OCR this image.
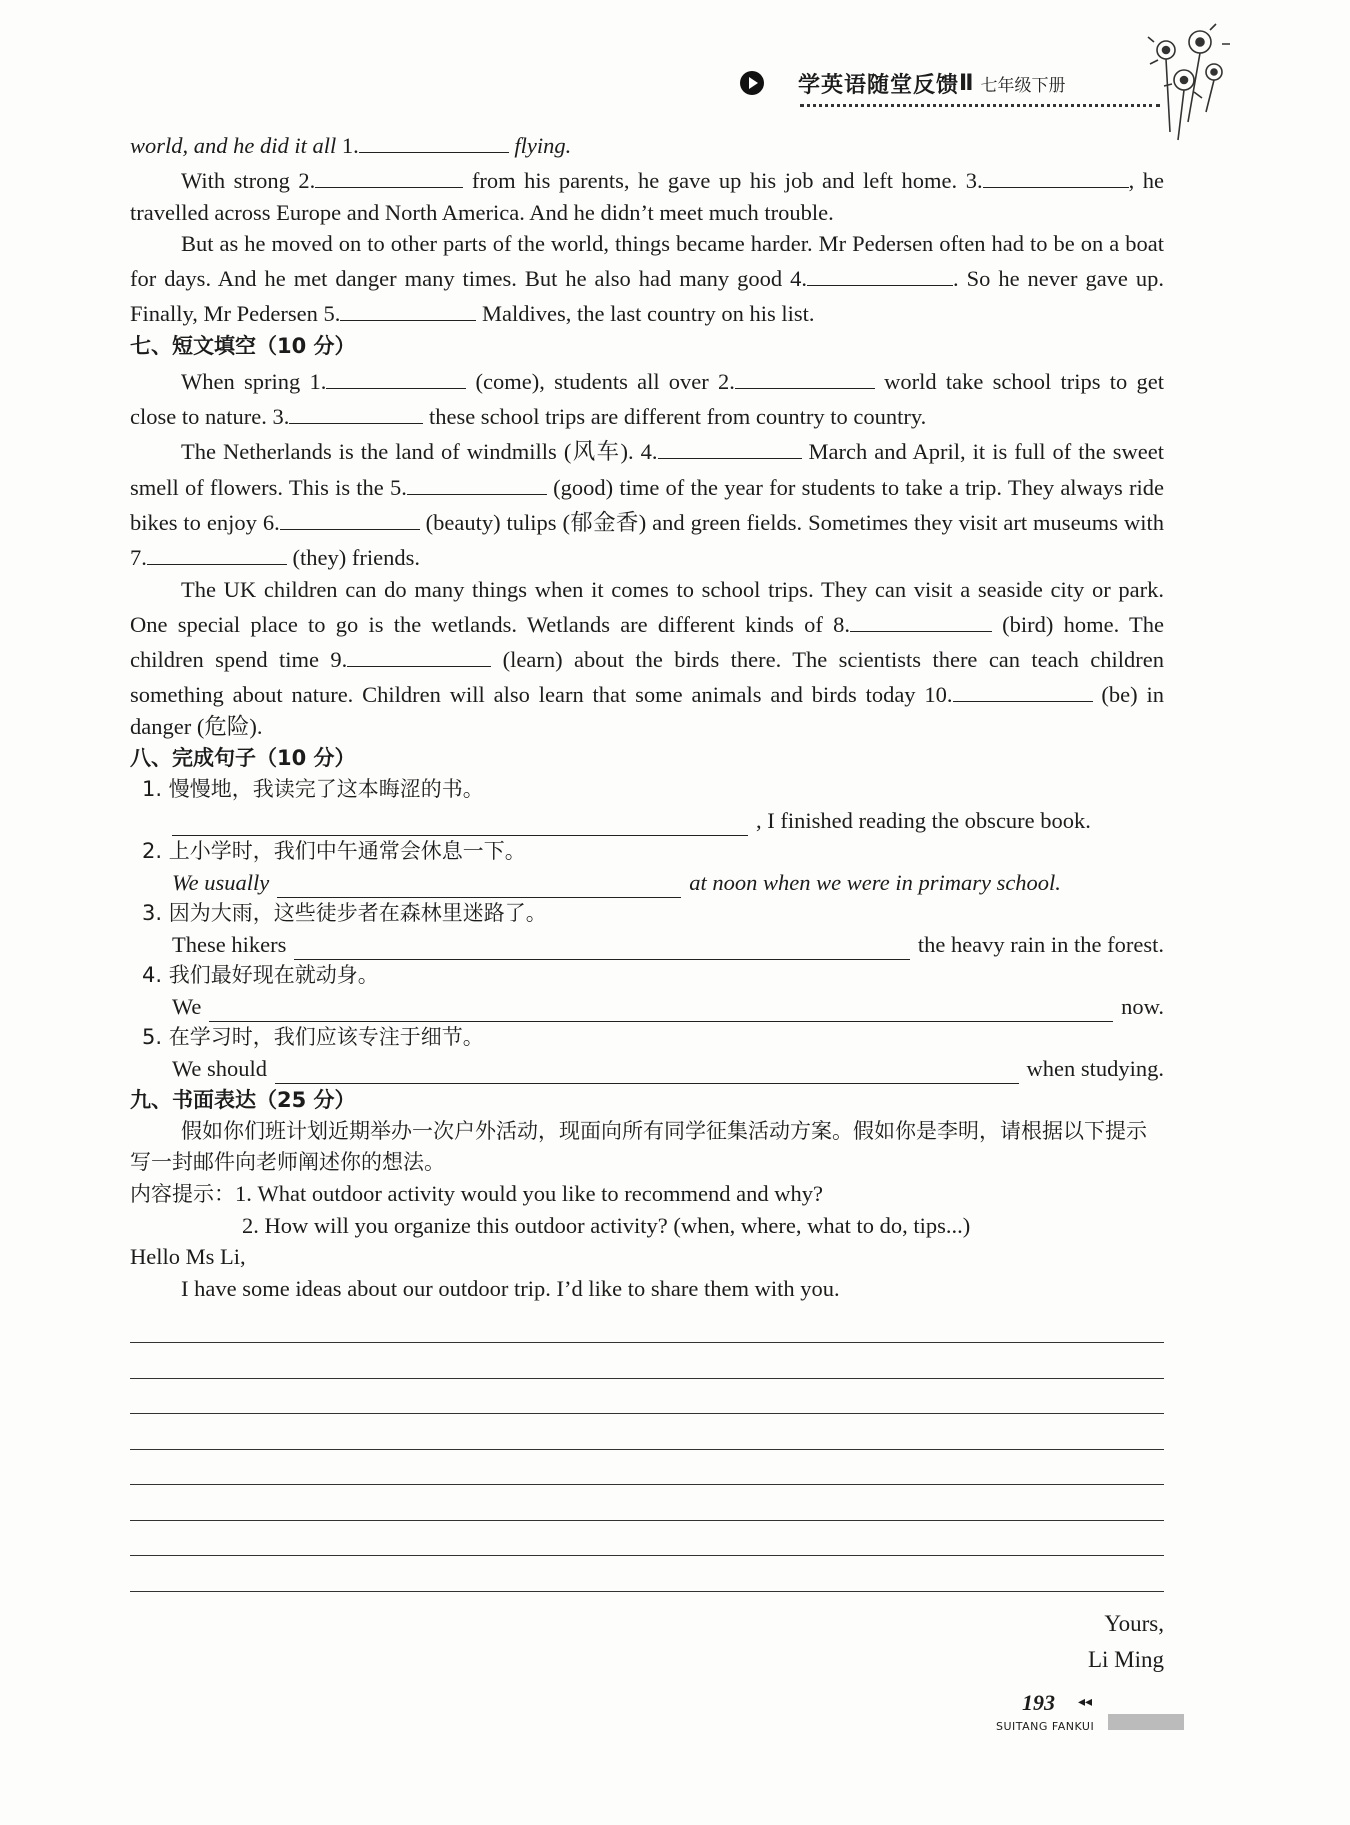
学英语随堂反馈 Ⅱ 七年级下册
world, and he did it all 1.	flying.
With strong 2.	from his parents, he gave up his job and left home. 3.	, he travelled across Europe and North America. And he didn’t meet much trouble.
But as he moved on to other parts of the world, things became harder. Mr Pedersen often had to be on a boat for days. And he met danger many times. But he also had many good 4.	. So he never gave up. Finally, Mr Pedersen 5.	Maldives, the last country on his list.
七、短文填空（10 分）
When spring 1.	(come), students all over 2.	world take school trips to get close to nature. 3.	these school trips are different from country to country.
The Netherlands is the land of windmills (风车). 4.	March and April, it is full of the sweet smell of flowers. This is the 5.	(good) time of the year for students to take a trip. They always ride bikes to enjoy 6.	(beauty) tulips (郁金香) and green fields. Sometimes they visit art museums with 7.	(they) friends.
The UK children can do many things when it comes to school trips. They can visit a seaside city or park. One special place to go is the wetlands. Wetlands are different kinds of 8.	(bird) home. The children spend time 9.	(learn) about the birds there. The scientists there can teach children something about nature. Children will also learn that some animals and birds today 10.	(be) in danger (危险).
八、完成句子（10 分）
1. 慢慢地，我读完了这本晦涩的书。
, I finished reading the obscure book.
2. 上小学时，我们中午通常会休息一下。
We usually	at noon when we were in primary school.
3. 因为大雨，这些徒步者在森林里迷路了。
These hikers	the heavy rain in the forest.
4. 我们最好现在就动身。
We	now.
5. 在学习时，我们应该专注于细节。
We should	when studying.
九、书面表达（25 分）
假如你们班计划近期举办一次户外活动，现面向所有同学征集活动方案。假如你是李明，请根据以下提示写一封邮件向老师阐述你的想法。
内容提示：1. What outdoor activity would you like to recommend and why?
2. How will you organize this outdoor activity? (when, where, what to do, tips...)
Hello Ms Li,
I have some ideas about our outdoor trip. I’d like to share them with you.
Yours,
Li Ming
193 ◂◂
SUITANG FANKUI
